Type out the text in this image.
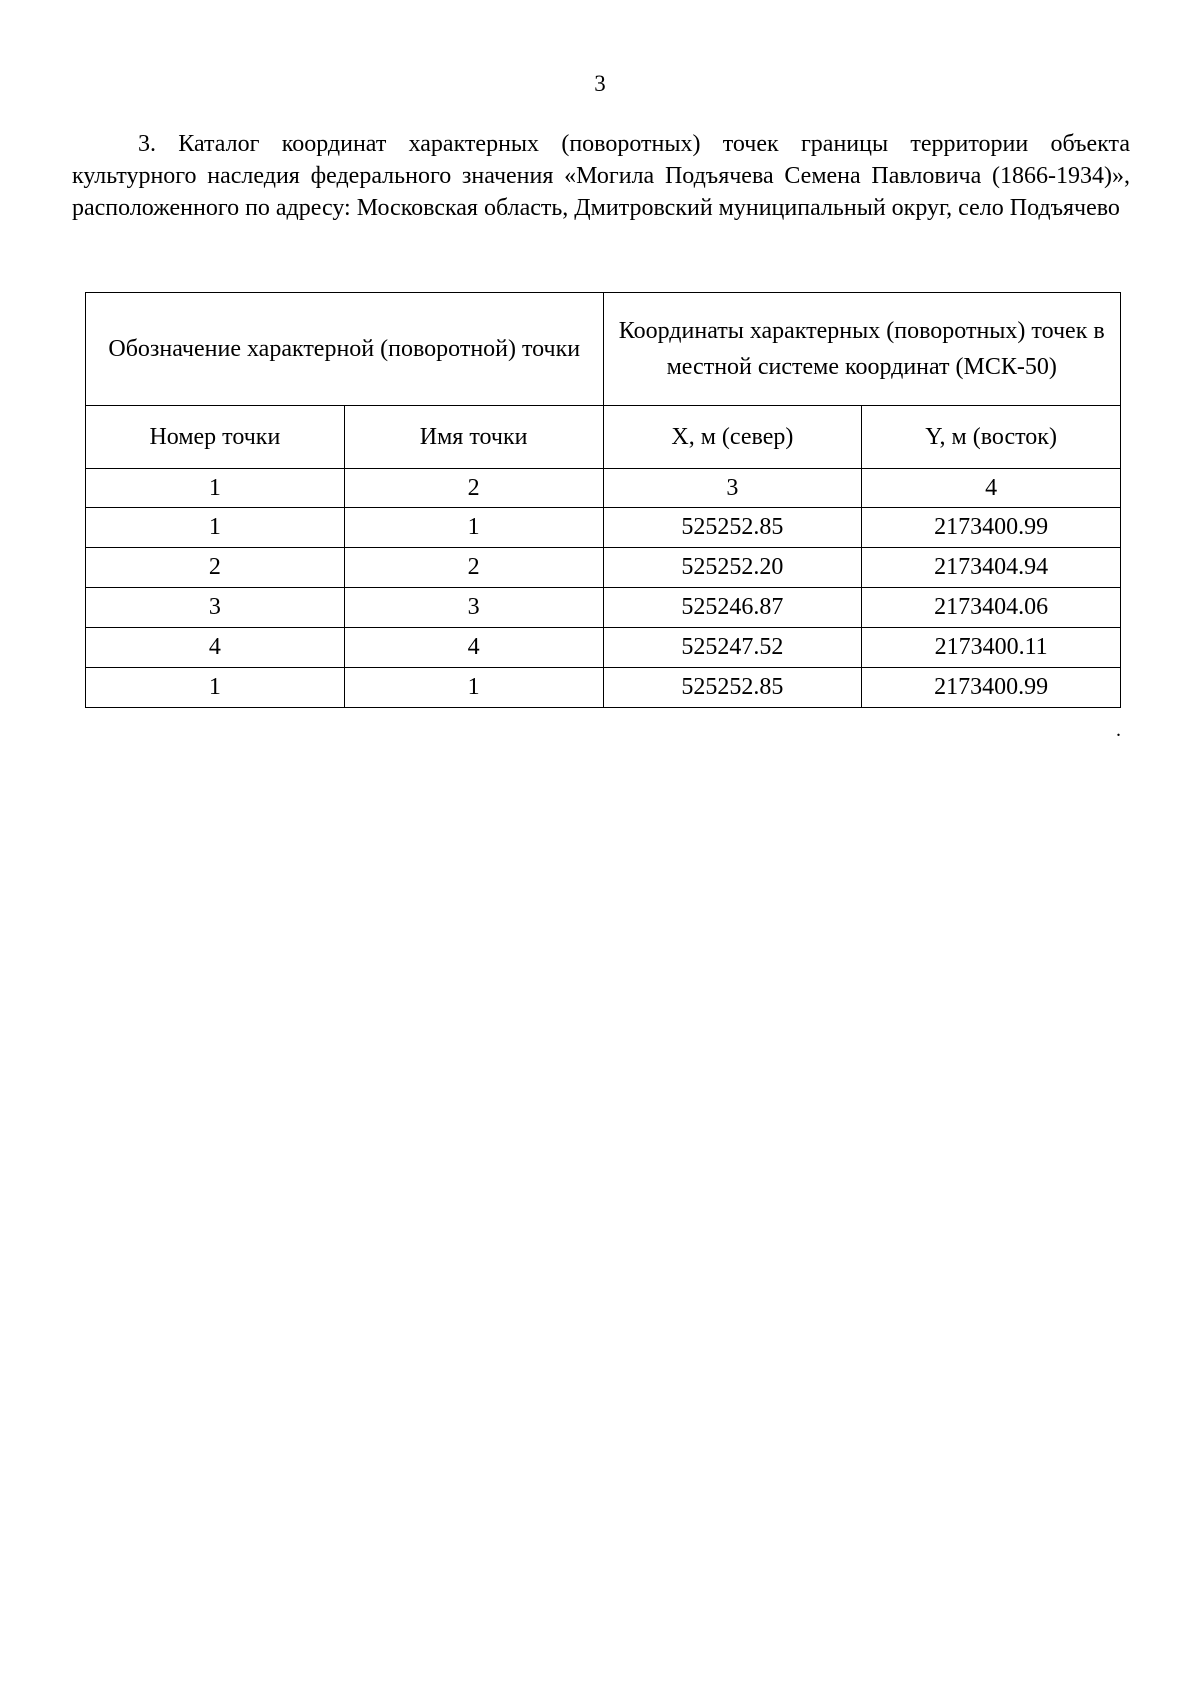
3

3. Каталог координат характерных (поворотных) точек границы территории объекта культурного наследия федерального значения «Могила Подъячева Семена Павловича (1866-1934)», расположенного по адресу: Московская область, Дмитровский муниципальный округ, село Подъячево

Обозначение характерной (поворотной) точки		Координаты характерных (поворотных) точек в местной системе координат (МСК-50)	
Номер точки	Имя точки	X, м (север)	Y, м (восток)
1	2	3	4
1	1	525252.85	2173400.99
2	2	525252.20	2173404.94
3	3	525246.87	2173404.06
4	4	525247.52	2173400.11
1	1	525252.85	2173400.99
.
